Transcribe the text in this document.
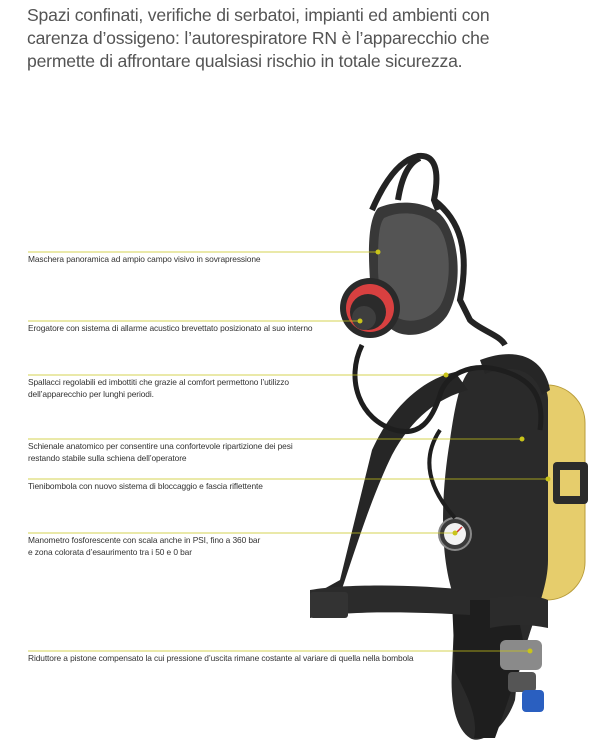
Spazi confinati, verifiche di serbatoi, impianti ed ambienti con
carenza d’ossigeno: l’autorespiratore RN è l’apparecchio che
permette di affrontare qualsiasi rischio in totale sicurezza.
Maschera panoramica ad ampio campo visivo in sovrapressione
Erogatore con sistema di allarme acustico brevettato posizionato al suo interno
Spallacci regolabili ed imbottiti che grazie al comfort permettono l’utilizzo
dell’apparecchio per lunghi periodi.
Schienale anatomico per consentire una confortevole ripartizione dei pesi
restando stabile sulla schiena dell’operatore
Tienibombola con nuovo sistema di bloccaggio e fascia riflettente
Manometro fosforescente con scala anche in PSI, fino a 360 bar
e zona colorata d’esaurimento tra i 50 e 0 bar
Riduttore a pistone compensato la cui pressione d’uscita rimane costante al variare di quella nella bombola
